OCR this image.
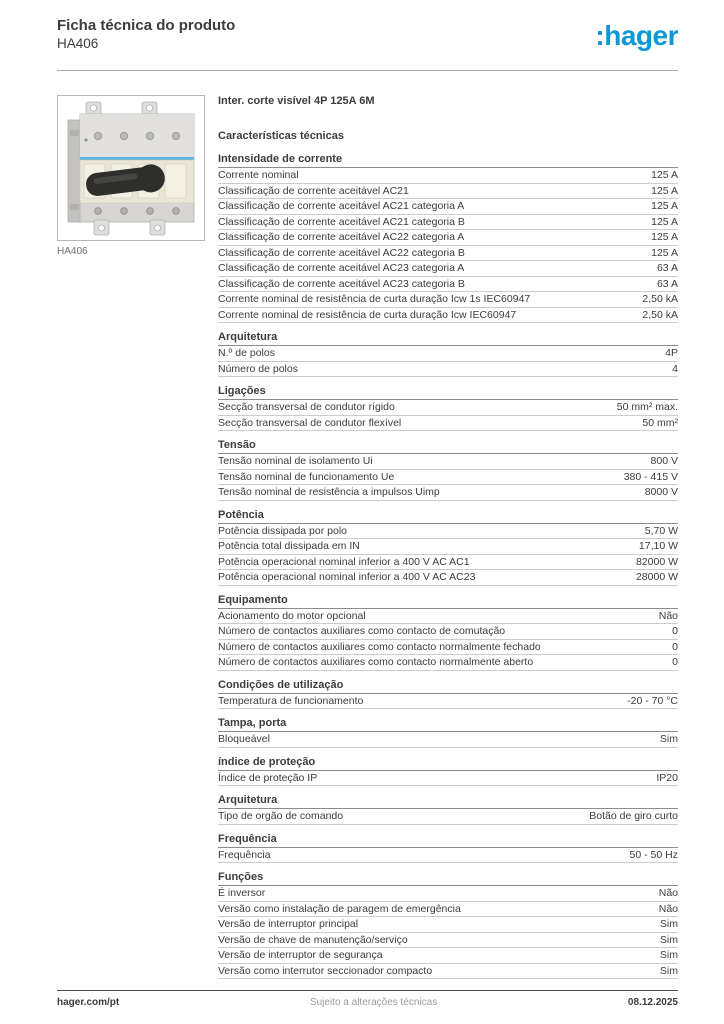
Ficha técnica do produto
HA406	:hager
HA406
Inter. corte visível 4P 125A 6M
Características técnicas
Intensidade de corrente
Corrente nominal	125 A
Classificação de corrente aceitável AC21	125 A
Classificação de corrente aceitável AC21 categoria A	125 A
Classificação de corrente aceitável AC21 categoria B	125 A
Classificação de corrente aceitável AC22 categoria A	125 A
Classificação de corrente aceitável AC22 categoria B	125 A
Classificação de corrente aceitável AC23 categoria A	63 A
Classificação de corrente aceitável AC23 categoria B	63 A
Corrente nominal de resistência de curta duração Icw 1s IEC60947	2,50 kA
Corrente nominal de resistência de curta duração Icw IEC60947	2,50 kA
Arquitetura
N.º de polos	4P
Número de polos	4
Ligações
Secção transversal de condutor rígido	50 mm² max.
Secção transversal de condutor flexível	50 mm²
Tensão
Tensão nominal de isolamento Ui	800 V
Tensão nominal de funcionamento Ue	380 - 415 V
Tensão nominal de resistência a impulsos Uimp	8000 V
Potência
Potência dissipada por polo	5,70 W
Potência total dissipada em IN	17,10 W
Potência operacional nominal inferior a 400 V AC AC1	82000 W
Potência operacional nominal inferior a 400 V AC AC23	28000 W
Equipamento
Acionamento do motor opcional	Não
Número de contactos auxiliares como contacto de comutação	0
Número de contactos auxiliares como contacto normalmente fechado	0
Número de contactos auxiliares como contacto normalmente aberto	0
Condições de utilização
Temperatura de funcionamento	-20 - 70 °C
Tampa, porta
Bloqueável	Sim
índice de proteção
Índice de proteção IP	IP20
Arquitetura
Tipo de orgão de comando	Botão de giro curto
Frequência
Frequência	50 - 50 Hz
Funções
É inversor	Não
Versão como instalação de paragem de emergência	Não
Versão de interruptor principal	Sim
Versão de chave de manutenção/serviço	Sim
Versão de interruptor de segurança	Sim
Versão como interrutor seccionador compacto	Sim
hager.com/pt	Sujeito a alterações técnicas	08.12.2025
